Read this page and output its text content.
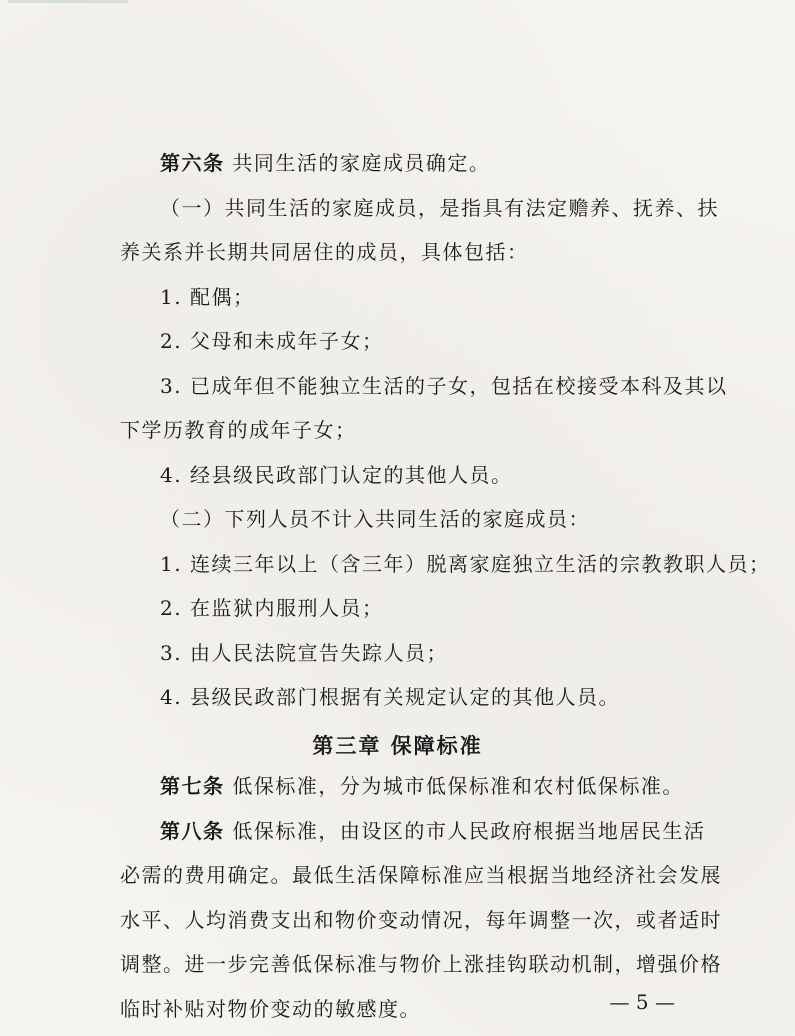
第六条 共同生活的家庭成员确定。
（一）共同生活的家庭成员，是指具有法定赡养、抚养、扶
养关系并长期共同居住的成员，具体包括：
1. 配偶；
2. 父母和未成年子女；
3. 已成年但不能独立生活的子女，包括在校接受本科及其以
下学历教育的成年子女；
4. 经县级民政部门认定的其他人员。
（二）下列人员不计入共同生活的家庭成员：
1. 连续三年以上（含三年）脱离家庭独立生活的宗教教职人员；
2. 在监狱内服刑人员；
3. 由人民法院宣告失踪人员；
4. 县级民政部门根据有关规定认定的其他人员。
第三章 保障标准
第七条 低保标准，分为城市低保标准和农村低保标准。
第八条 低保标准，由设区的市人民政府根据当地居民生活
必需的费用确定。最低生活保障标准应当根据当地经济社会发展
水平、人均消费支出和物价变动情况，每年调整一次，或者适时
调整。进一步完善低保标准与物价上涨挂钩联动机制，增强价格
临时补贴对物价变动的敏感度。	— 5 —
